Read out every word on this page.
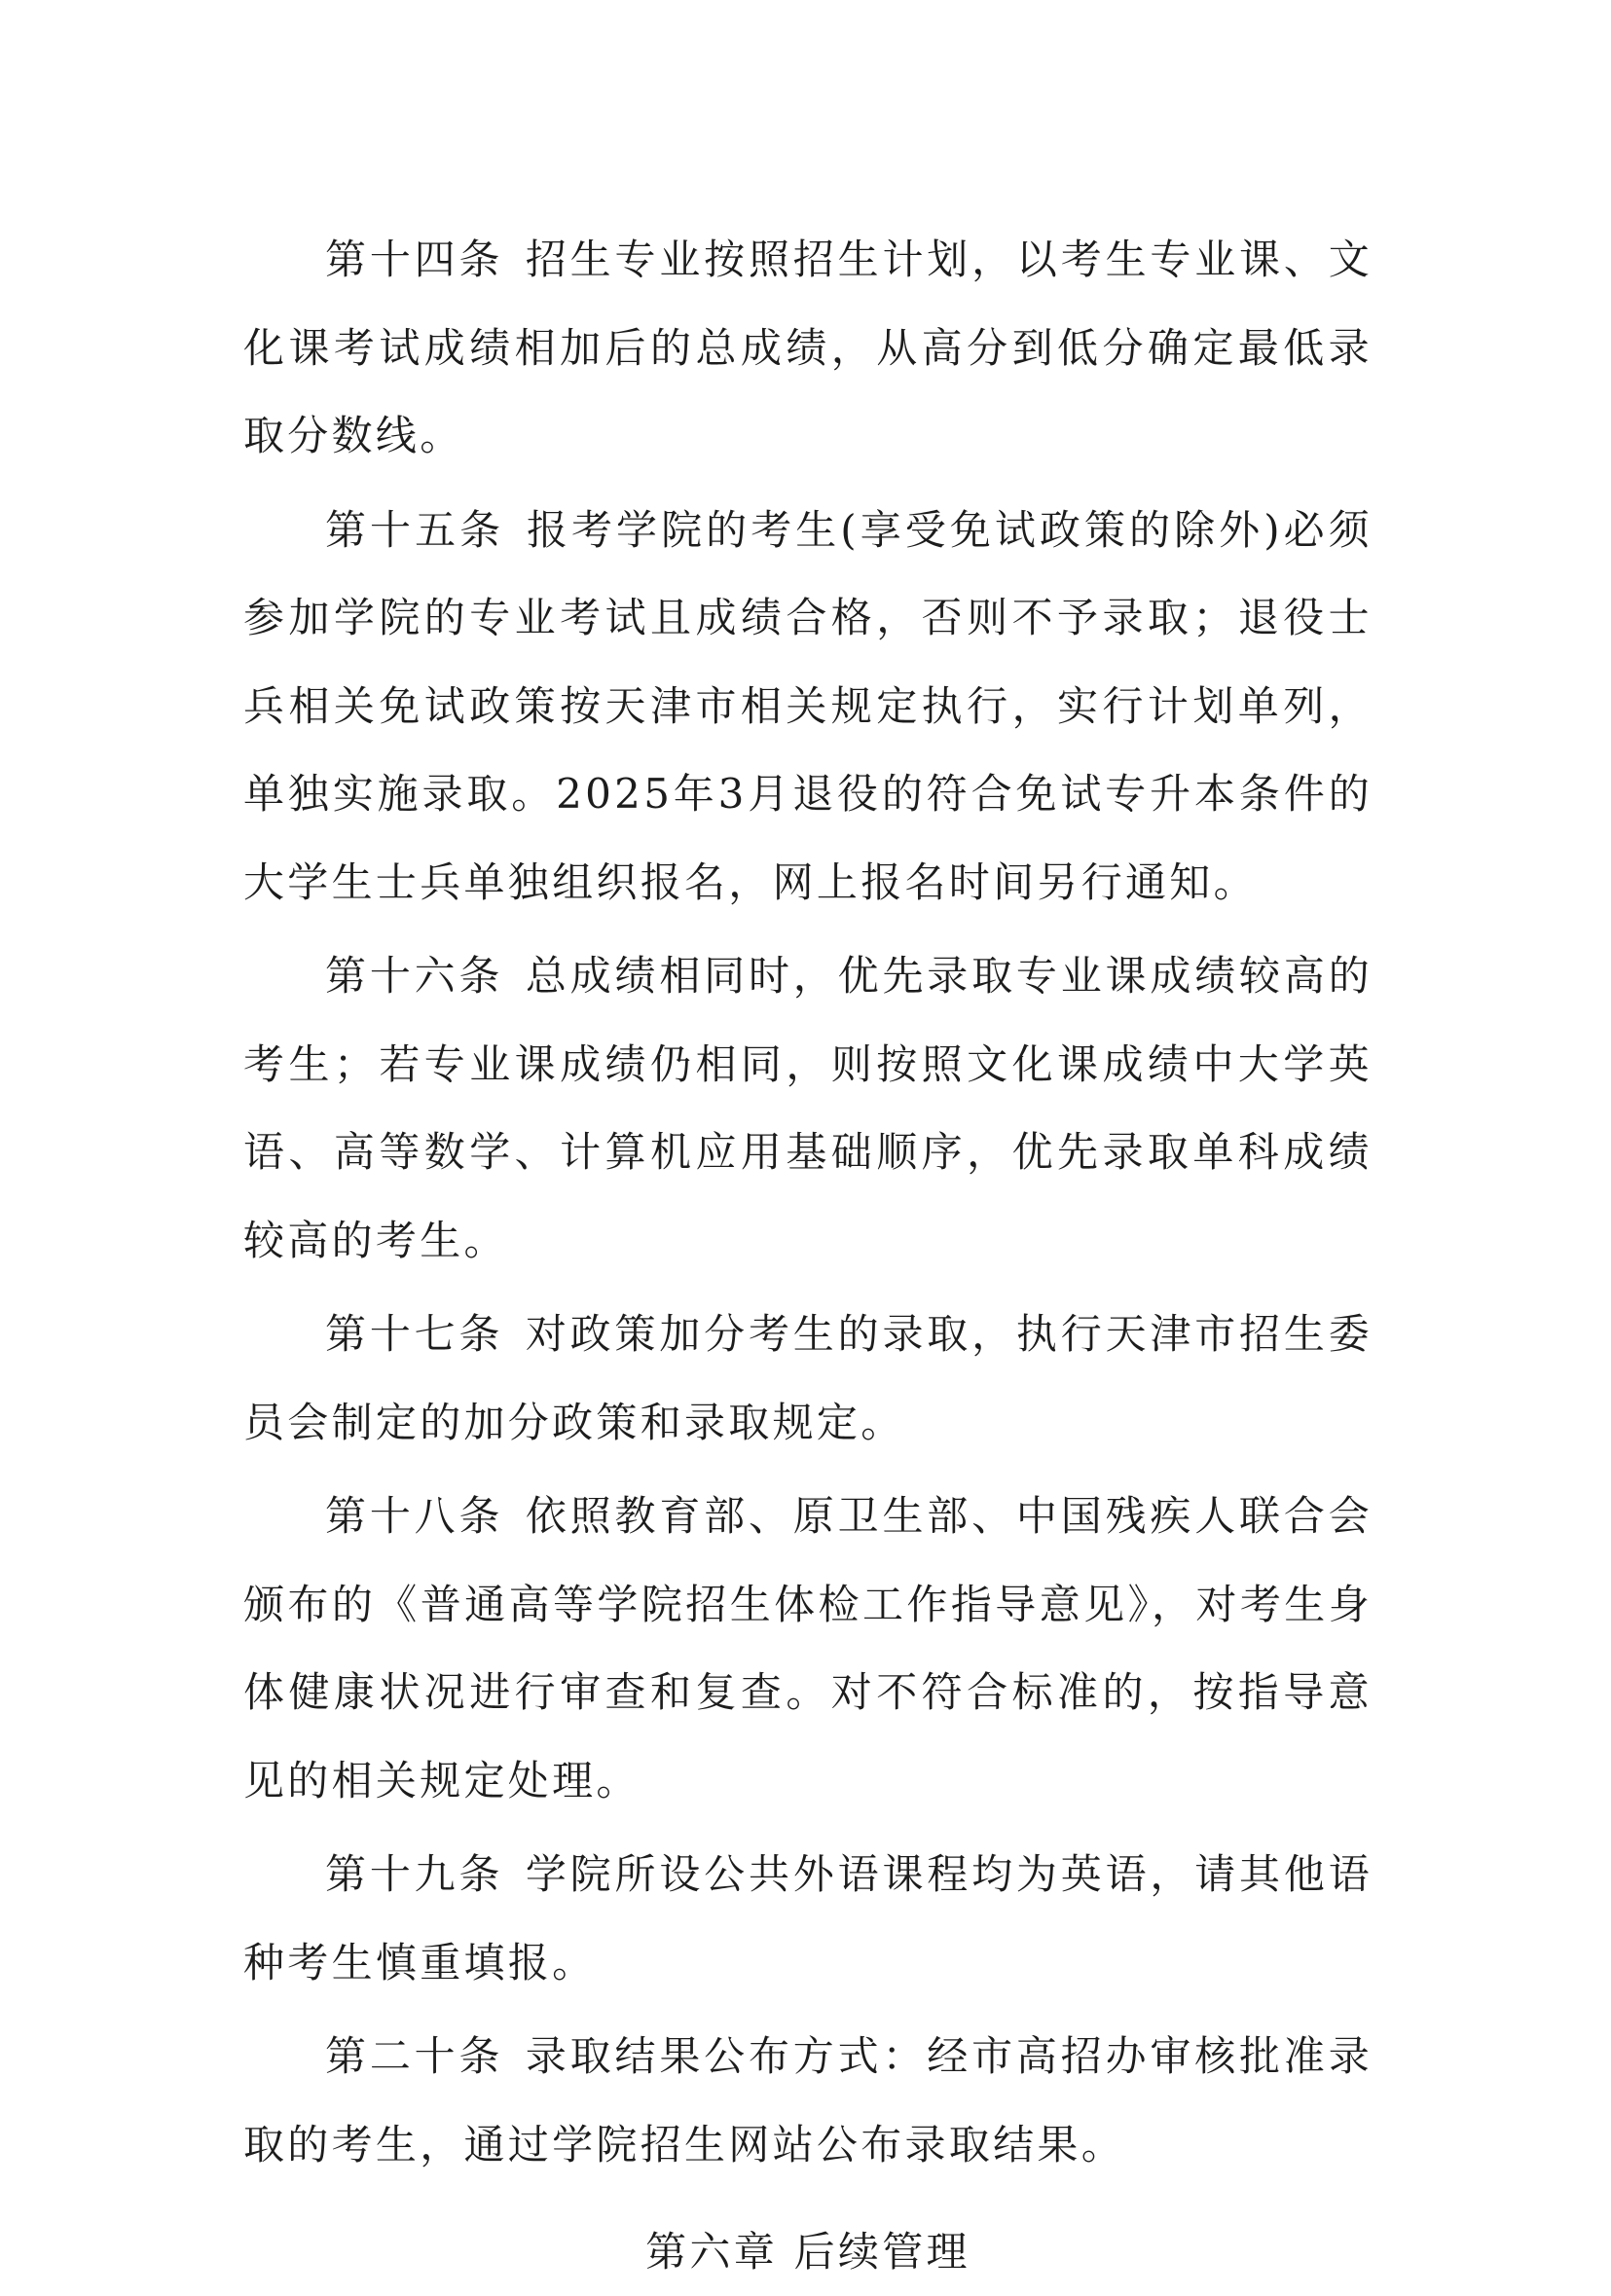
第十四条 招生专业按照招生计划，以考生专业课、文化课考试成绩相加后的总成绩，从高分到低分确定最低录取分数线。

第十五条 报考学院的考生(享受免试政策的除外)必须参加学院的专业考试且成绩合格，否则不予录取；退役士兵相关免试政策按天津市相关规定执行，实行计划单列，单独实施录取。2025年3月退役的符合免试专升本条件的大学生士兵单独组织报名，网上报名时间另行通知。

第十六条 总成绩相同时，优先录取专业课成绩较高的考生；若专业课成绩仍相同，则按照文化课成绩中大学英语、高等数学、计算机应用基础顺序，优先录取单科成绩较高的考生。

第十七条 对政策加分考生的录取，执行天津市招生委员会制定的加分政策和录取规定。

第十八条 依照教育部、原卫生部、中国残疾人联合会颁布的《普通高等学院招生体检工作指导意见》，对考生身体健康状况进行审查和复查。对不符合标准的，按指导意见的相关规定处理。

第十九条 学院所设公共外语课程均为英语，请其他语种考生慎重填报。

第二十条 录取结果公布方式：经市高招办审核批准录取的考生，通过学院招生网站公布录取结果。

第六章 后续管理
